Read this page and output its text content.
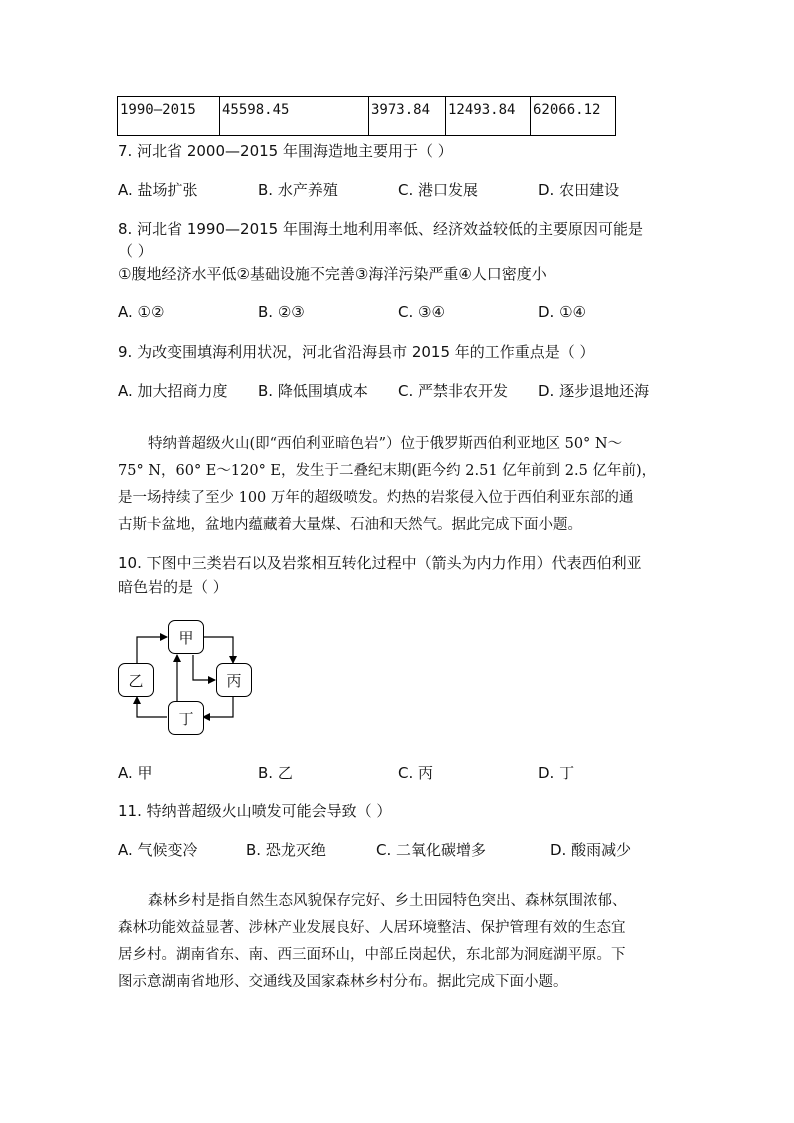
1990—2015	45598.45	3973.84	12493.84	62066.12
7. 河北省 2000—2015 年围海造地主要用于（ ）
A. 盐场扩张	B. 水产养殖	C. 港口发展	D. 农田建设
8. 河北省 1990—2015 年围海土地利用率低、经济效益较低的主要原因可能是
（ ）
①腹地经济水平低②基础设施不完善③海洋污染严重④人口密度小
A. ①②	B. ②③	C. ③④	D. ①④
9. 为改变围填海利用状况，河北省沿海县市 2015 年的工作重点是（ ）
A. 加大招商力度 B. 降低围填成本 C. 严禁非农开发 D. 逐步退地还海

特纳普超级火山(即“西伯利亚暗色岩”）位于俄罗斯西伯利亚地区 50° N～

75° N，60° E～120° E，发生于二叠纪末期(距今约 2.51 亿年前到 2.5 亿年前)，

是一场持续了至少 100 万年的超级喷发。灼热的岩浆侵入位于西伯利亚东部的通

古斯卡盆地，盆地内蕴藏着大量煤、石油和天然气。据此完成下面小题。

10. 下图中三类岩石以及岩浆相互转化过程中（箭头为内力作用）代表西伯利亚
暗色岩的是（ ）
甲
乙	丙
丁
A. 甲	B. 乙	C. 丙	D. 丁
11. 特纳普超级火山喷发可能会导致（ ）
A. 气候变冷	B. 恐龙灭绝	C. 二氧化碳增多	D. 酸雨减少

森林乡村是指自然生态风貌保存完好、乡土田园特色突出、森林氛围浓郁、

森林功能效益显著、涉林产业发展良好、人居环境整洁、保护管理有效的生态宜

居乡村。湖南省东、南、西三面环山，中部丘岗起伏，东北部为洞庭湖平原。下

图示意湖南省地形、交通线及国家森林乡村分布。据此完成下面小题。
